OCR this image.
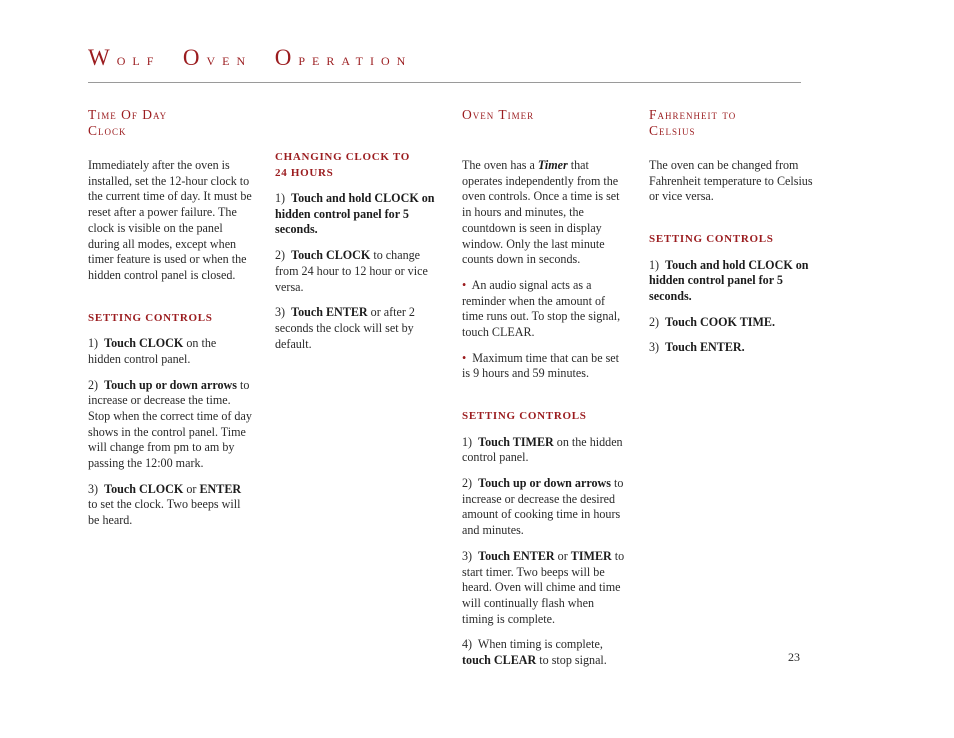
Wolf Oven Operation
Time Of Day
Clock

Immediately after the oven is installed, set the 12-hour clock to the current time of day. It must be reset after a power failure. The clock is visible on the panel during all modes, except when timer feature is used or when the hidden control panel is closed.

SETTING CONTROLS

1) Touch CLOCK on the hidden control panel.

2) Touch up or down arrows to increase or decrease the time. Stop when the correct time of day shows in the control panel. Time will change from pm to am by passing the 12:00 mark.

3) Touch CLOCK or ENTER to set the clock. Two beeps will be heard.

CHANGING CLOCK TO
24 HOURS

1) Touch and hold CLOCK on hidden control panel for 5 seconds.

2) Touch CLOCK to change from 24 hour to 12 hour or vice versa.

3) Touch ENTER or after 2 seconds the clock will set by default.

Oven Timer

The oven has a Timer that operates independently from the oven controls. Once a time is set in hours and minutes, the countdown is seen in display window. Only the last minute counts down in seconds.

• An audio signal acts as a reminder when the amount of time runs out. To stop the signal, touch CLEAR.

• Maximum time that can be set is 9 hours and 59 minutes.

SETTING CONTROLS

1) Touch TIMER on the hidden control panel.

2) Touch up or down arrows to increase or decrease the desired amount of cooking time in hours and minutes.

3) Touch ENTER or TIMER to start timer. Two beeps will be heard. Oven will chime and time will continually flash when timing is complete.

4) When timing is complete,
touch CLEAR to stop signal.

Fahrenheit to
Celsius

The oven can be changed from Fahrenheit temperature to Celsius or vice versa.

SETTING CONTROLS

1) Touch and hold CLOCK on hidden control panel for 5 seconds.

2) Touch COOK TIME.

3) Touch ENTER.

23
